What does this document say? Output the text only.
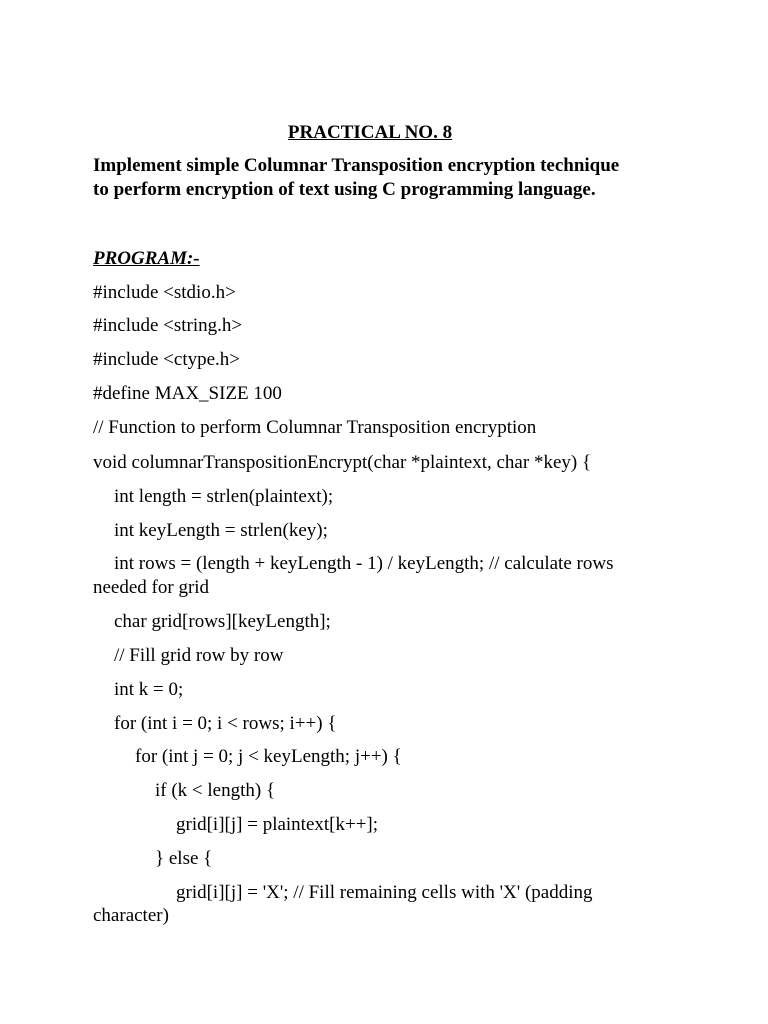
PRACTICAL NO. 8
Implement simple Columnar Transposition encryption technique
to perform encryption of text using C programming language.
PROGRAM:-
#include <stdio.h>
#include <string.h>
#include <ctype.h>
#define MAX_SIZE 100
// Function to perform Columnar Transposition encryption
void columnarTranspositionEncrypt(char *plaintext, char *key) {
int length = strlen(plaintext);
int keyLength = strlen(key);
int rows = (length + keyLength - 1) / keyLength; // calculate rows
needed for grid
char grid[rows][keyLength];
// Fill grid row by row
int k = 0;
for (int i = 0; i < rows; i++) {
for (int j = 0; j < keyLength; j++) {
if (k < length) {
grid[i][j] = plaintext[k++];
} else {
grid[i][j] = 'X'; // Fill remaining cells with 'X' (padding
character)
